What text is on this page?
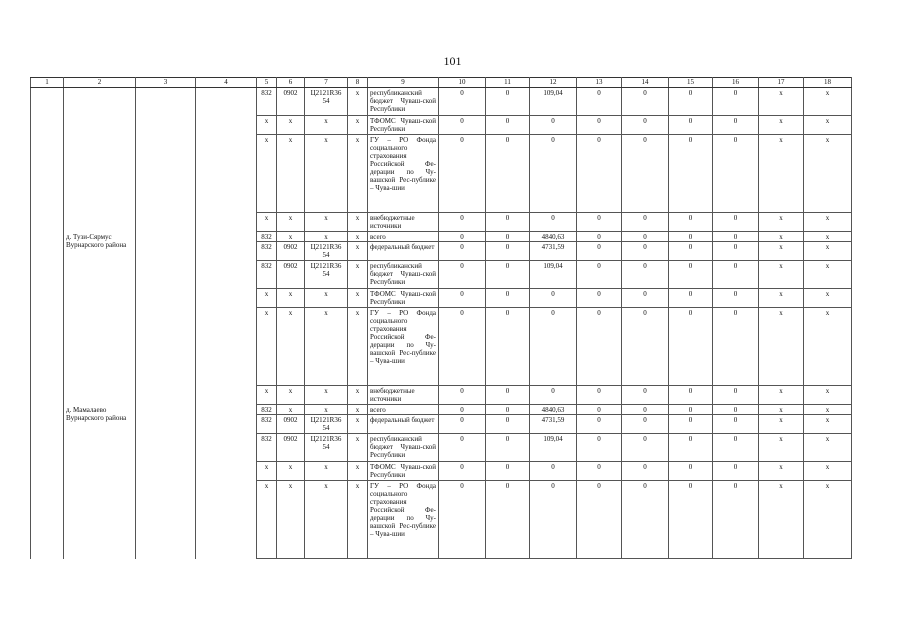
101
1	2	3	4	5	6	7	8	9	10	11	12	13	14	15	16	17	18
				832	0902	Ц2121R36 54	х	республиканский бюджет Чуваш-ской Республики	0	0	109,04	0	0	0	0	х	х
				х	х	х	х	ТФОМС Чуваш-ской Республики	0	0	0	0	0	0	0	х	х
				х	х	х	х	ГУ – РО Фонда социального страхования Российской Фе-дерации по Чу-вашской Рес-публике – Чува-шии	0	0	0	0	0	0	0	х	х
				х	х	х	х	внебюджетные источники	0	0	0	0	0	0	0	х	х
	д. Тузи-Сярмус Вурнарского района			832	х	х	х	всего	0	0	4840,63	0	0	0	0	х	х
				832	0902	Ц2121R36 54	х	федеральный бюджет	0	0	4731,59	0	0	0	0	х	х
				832	0902	Ц2121R36 54	х	республиканский бюджет Чуваш-ской Республики	0	0	109,04	0	0	0	0	х	х
				х	х	х	х	ТФОМС Чуваш-ской Республики	0	0	0	0	0	0	0	х	х
				х	х	х	х	ГУ – РО Фонда социального страхования Российской Фе-дерации по Чу-вашской Рес-публике – Чува-шии	0	0	0	0	0	0	0	х	х
				х	х	х	х	внебюджетные источники	0	0	0	0	0	0	0	х	х
	д. Мамалаево Вурнарского района			832	х	х	х	всего	0	0	4840,63	0	0	0	0	х	х
				832	0902	Ц2121R36 54	х	федеральный бюджет	0	0	4731,59	0	0	0	0	х	х
				832	0902	Ц2121R36 54	х	республиканский бюджет Чуваш-ской Республики	0	0	109,04	0	0	0	0	х	х
				х	х	х	х	ТФОМС Чуваш-ской Республики	0	0	0	0	0	0	0	х	х
				х	х	х	х	ГУ – РО Фонда социального страхования Российской Фе-дерации по Чу-вашской Рес-публике – Чува-шии	0	0	0	0	0	0	0	х	х
